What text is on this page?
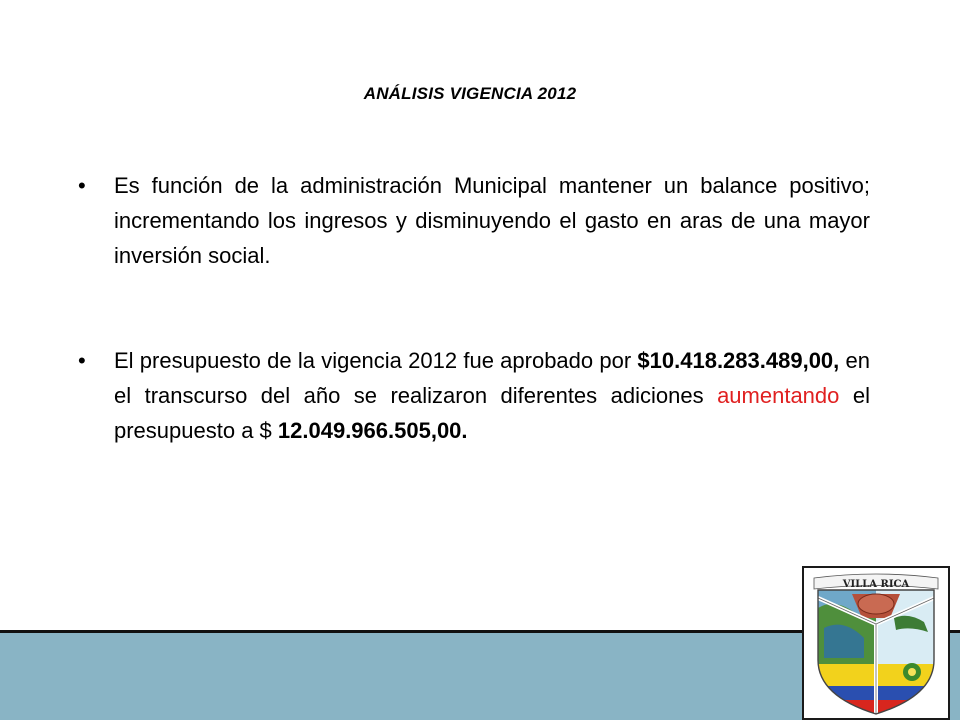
ANÁLISIS VIGENCIA 2012
•	Es función de la administración Municipal mantener un balance positivo; incrementando los ingresos y disminuyendo el gasto en aras de una mayor inversión social.
•	El presupuesto de la vigencia 2012 fue aprobado por $10.418.283.489,00, en el transcurso del año se realizaron diferentes adiciones aumentando el presupuesto a $ 12.049.966.505,00.
VILLA RICA
